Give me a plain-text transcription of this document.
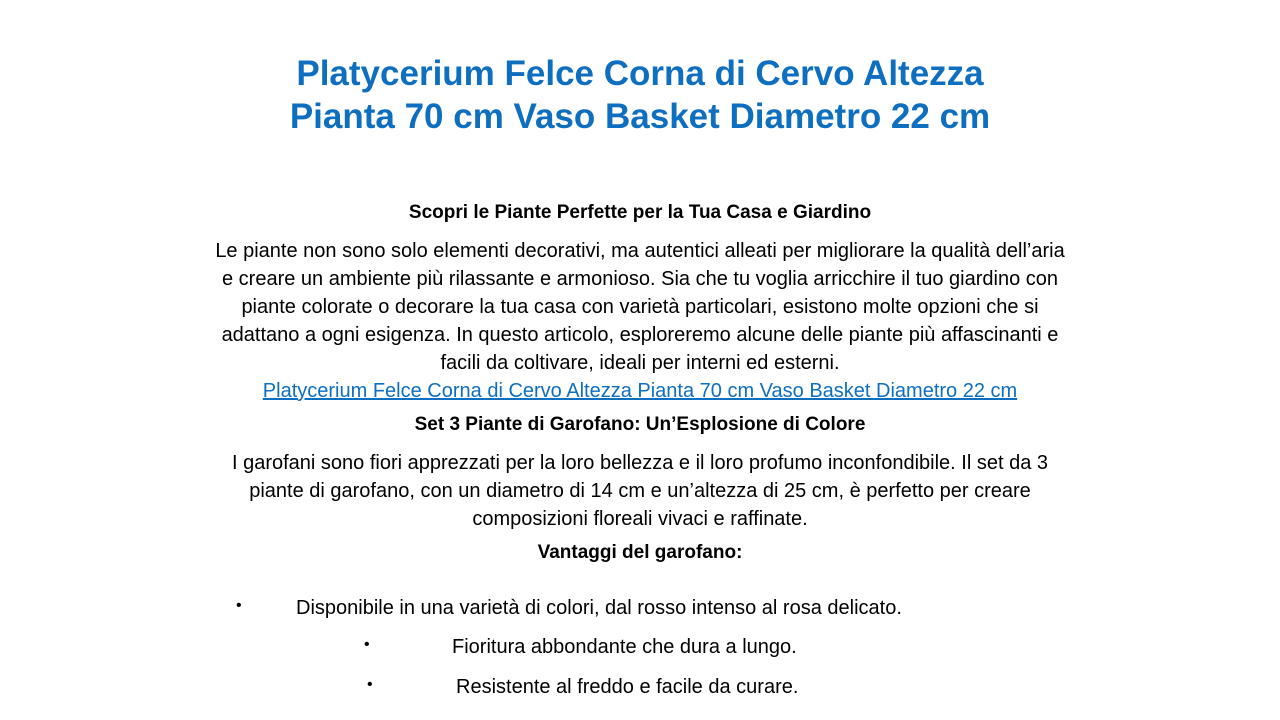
Platycerium Felce Corna di Cervo Altezza
Pianta 70 cm Vaso Basket Diametro 22 cm
Scopri le Piante Perfette per la Tua Casa e Giardino
Le piante non sono solo elementi decorativi, ma autentici alleati per migliorare la qualità dell’aria
e creare un ambiente più rilassante e armonioso. Sia che tu voglia arricchire il tuo giardino con
piante colorate o decorare la tua casa con varietà particolari, esistono molte opzioni che si
adattano a ogni esigenza. In questo articolo, esploreremo alcune delle piante più affascinanti e
facili da coltivare, ideali per interni ed esterni.
Platycerium Felce Corna di Cervo Altezza Pianta 70 cm Vaso Basket Diametro 22 cm
Set 3 Piante di Garofano: Un’Esplosione di Colore
I garofani sono fiori apprezzati per la loro bellezza e il loro profumo inconfondibile. Il set da 3
piante di garofano, con un diametro di 14 cm e un’altezza di 25 cm, è perfetto per creare
composizioni floreali vivaci e raffinate.
Vantaggi del garofano:
•	Disponibile in una varietà di colori, dal rosso intenso al rosa delicato.
•	Fioritura abbondante che dura a lungo.
•	Resistente al freddo e facile da curare.
